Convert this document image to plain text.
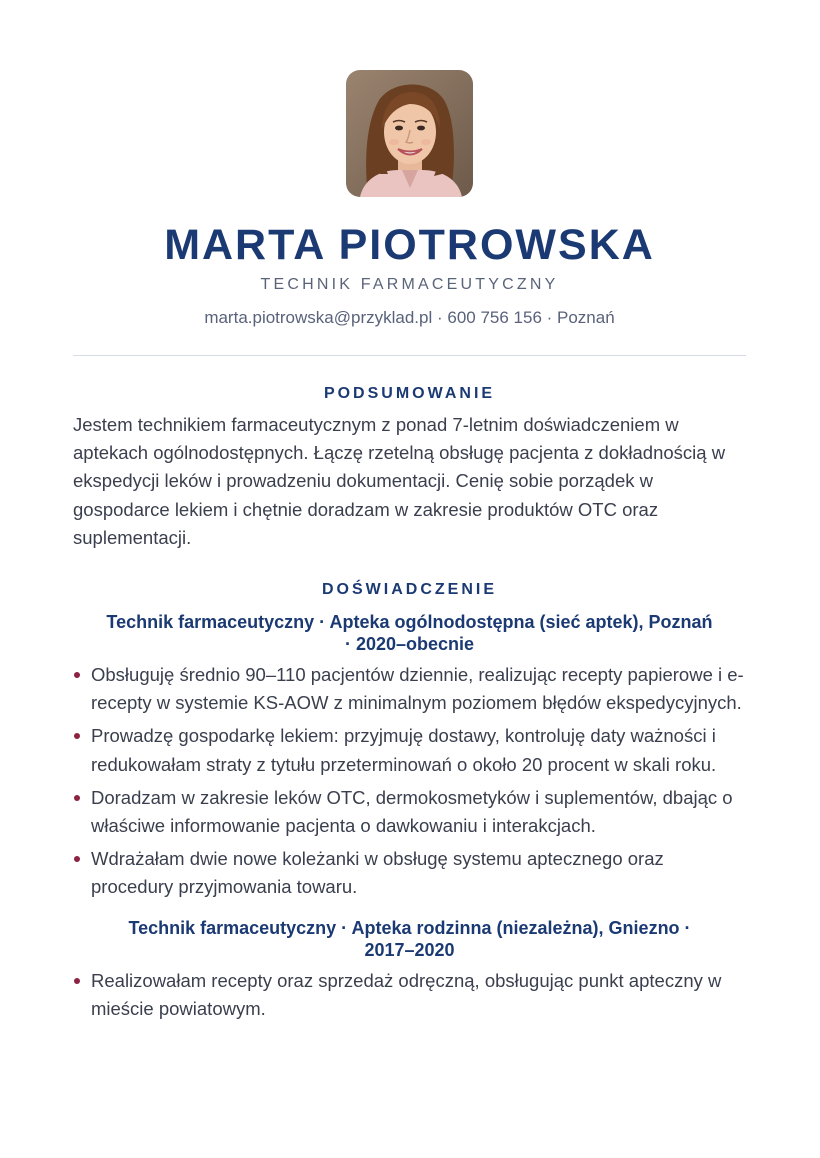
MARTA PIOTROWSKA
TECHNIK FARMACEUTYCZNY
marta.piotrowska@przyklad.pl · 600 756 156 · Poznań
PODSUMOWANIE
Jestem technikiem farmaceutycznym z ponad 7-letnim doświadczeniem w aptekach ogólnodostępnych. Łączę rzetelną obsługę pacjenta z dokładnością w ekspedycji leków i prowadzeniu dokumentacji. Cenię sobie porządek w gospodarce lekiem i chętnie doradzam w zakresie produktów OTC oraz suplementacji.
DOŚWIADCZENIE
Technik farmaceutyczny · Apteka ogólnodostępna (sieć aptek), Poznań
· 2020–obecnie
Obsługuję średnio 90–110 pacjentów dziennie, realizując recepty papierowe i e-recepty w systemie KS-AOW z minimalnym poziomem błędów ekspedycyjnych.
Prowadzę gospodarkę lekiem: przyjmuję dostawy, kontroluję daty ważności i redukowałam straty z tytułu przeterminowań o około 20 procent w skali roku.
Doradzam w zakresie leków OTC, dermokosmetyków i suplementów, dbając o właściwe informowanie pacjenta o dawkowaniu i interakcjach.
Wdrażałam dwie nowe koleżanki w obsługę systemu aptecznego oraz procedury przyjmowania towaru.
Technik farmaceutyczny · Apteka rodzinna (niezależna), Gniezno ·
2017–2020
Realizowałam recepty oraz sprzedaż odręczną, obsługując punkt apteczny w mieście powiatowym.
